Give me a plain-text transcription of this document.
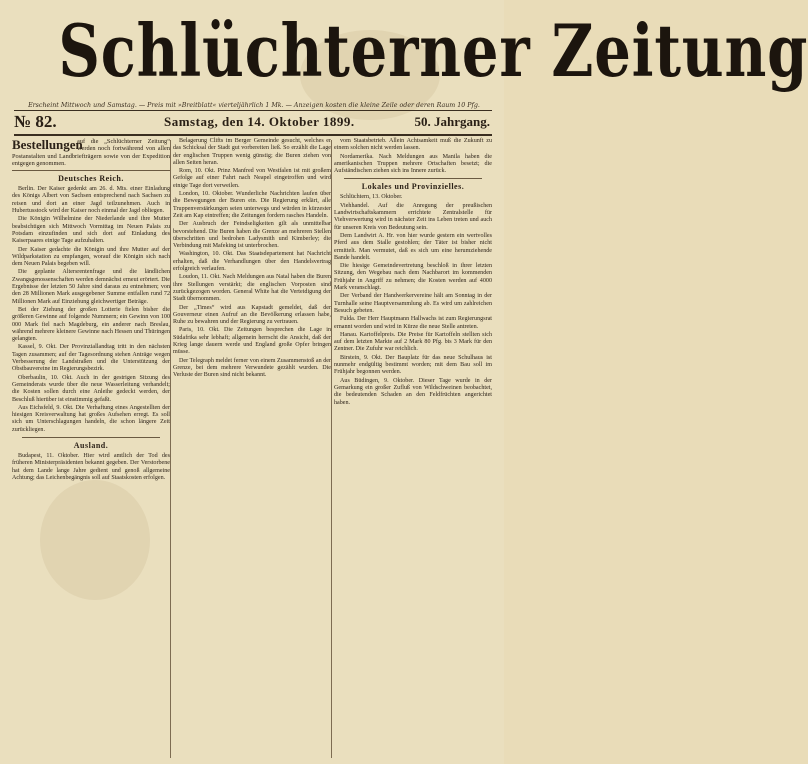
Schlüchterner Zeitung
Erscheint Mittwoch und Samstag. — Preis mit »Breitblatt« vierteljährlich 1 Mk. — Anzeigen kosten die kleine Zeile oder deren Raum 10 Pfg.
№ 82.	Samstag, den 14. Oktober 1899.	50. Jahrgang.
Bestellungen
auf die „Schlüchterner Zeitung“ werden noch fortwährend von allen Postanstalten und Landbriefträgern sowie von der Expedition entgegen genommen.
Deutsches Reich.

Berlin. Der Kaiser gedenkt am 26. d. Mts. einer Einladung des Königs Albert von Sachsen entsprechend nach Sachsen zu reisen und dort an einer Jagd teilzunehmen. Auch in Hubertusstock wird der Kaiser noch einmal der Jagd obliegen.

Die Königin Wilhelmine der Niederlande und ihre Mutter beabsichtigen sich Mittwoch Vormittag im Neuen Palais zu Potsdam einzufinden und sich dort auf Einladung des Kaiserpaares einige Tage aufzuhalten.

Der Kaiser gedachte die Königin und ihre Mutter auf der Wildparkstation zu empfangen, worauf die Königin sich nach dem Neuen Palais begeben will.

Die geplante Altersrentenfrage und die ländlichen Zwangsgenossenschaften werden demnächst erneut erörtert. Die Ergebnisse der letzten 50 Jahre sind daraus zu entnehmen; von den 28 Millionen Mark ausgegebener Summe entfallen rund 72 Millionen Mark auf Einziehung gleichwertiger Beträge.

Bei der Ziehung der großen Lotterie fielen bisher die größeren Gewinne auf folgende Nummern; ein Gewinn von 100 000 Mark fiel nach Magdeburg, ein anderer nach Breslau, während mehrere kleinere Gewinne nach Hessen und Thüringen gelangten.

Kassel, 9. Okt. Der Provinziallandtag tritt in den nächsten Tagen zusammen; auf der Tagesordnung stehen Anträge wegen Verbesserung der Landstraßen und die Unterstützung der Obstbauvereine im Regierungsbezirk.

Oberbaulin, 10. Okt. Auch in der gestrigen Sitzung des Gemeinderats wurde über die neue Wasserleitung verhandelt; die Kosten sollen durch eine Anleihe gedeckt werden, der Beschluß hierüber ist einstimmig gefaßt.

Aus Eichsfeld, 9. Okt. Die Verhaftung eines Angestellten der hiesigen Kreisverwaltung hat großes Aufsehen erregt. Es soll sich um Unterschlagungen handeln, die schon längere Zeit zurückliegen.

Ausland.

Budapest, 11. Oktober. Hier wird amtlich der Tod des früheren Ministerpräsidenten bekannt gegeben. Der Verstorbene hat dem Lande lange Jahre gedient und genoß allgemeine Achtung; das Leichenbegängnis soll auf Staatskosten erfolgen.

Belagerung Clifts im Berger Gemeinde gesucht, welches er das Schicksal der Stadt gut vorbereiten ließ. So erzählt die Lage der englischen Truppen wenig günstig; die Buren ziehen von allen Seiten heran.

Rom, 10. Okt. Prinz Manfred von Westfalen ist mit großem Gefolge auf einer Fahrt nach Neapel eingetroffen und wird einige Tage dort verweilen.

London, 10. Oktober. Wunderliche Nachrichten laufen über die Bewegungen der Buren ein. Die Regierung erklärt, alle Truppenverstärkungen seien unterwegs und würden in kürzester Zeit am Kap eintreffen; die Zeitungen fordern rasches Handeln.

Der Ausbruch der Feindseligkeiten gilt als unmittelbar bevorstehend. Die Buren haben die Grenze an mehreren Stellen überschritten und bedrohen Ladysmith und Kimberley; die Verbindung mit Mafeking ist unterbrochen.

Washington, 10. Okt. Das Staatsdepartement hat Nachricht erhalten, daß die Verhandlungen über den Handelsvertrag erfolgreich verlaufen.

Loudon, 11. Okt. Nach Meldungen aus Natal haben die Buren ihre Stellungen verstärkt; die englischen Vorposten sind zurückgezogen worden. General White hat die Verteidigung der Stadt übernommen.

Der „Times“ wird aus Kapstadt gemeldet, daß der Gouverneur einen Aufruf an die Bevölkerung erlassen habe, Ruhe zu bewahren und der Regierung zu vertrauen.

Paris, 10. Okt. Die Zeitungen besprechen die Lage in Südafrika sehr lebhaft; allgemein herrscht die Ansicht, daß der Krieg lange dauern werde und England große Opfer bringen müsse.

Der Telegraph meldet ferner von einem Zusammenstoß an der Grenze, bei dem mehrere Verwundete gezählt wurden. Die Verluste der Buren sind nicht bekannt.

vom Staatsbetrieb. Allein Achtsamkeit muß die Zukunft zu einem solchen nicht werden lassen.

Nordamerika. Nach Meldungen aus Manila haben die amerikanischen Truppen mehrere Ortschaften besetzt; die Aufständischen ziehen sich ins Innere zurück.

Lokales und Provinzielles.

Schlüchtern, 13. Oktober.

Viehhandel. Auf die Anregung der preußischen Landwirtschaftskammern errichtete Zentralstelle für Viehverwertung wird in nächster Zeit ins Leben treten und auch für unseren Kreis von Bedeutung sein.

Dem Landwirt A. Hr. von hier wurde gestern ein wertvolles Pferd aus dem Stalle gestohlen; der Täter ist bisher nicht ermittelt. Man vermutet, daß es sich um eine herumziehende Bande handelt.

Die hiesige Gemeindevertretung beschloß in ihrer letzten Sitzung, den Wegebau nach dem Nachbarort im kommenden Frühjahr in Angriff zu nehmen; die Kosten werden auf 4000 Mark veranschlagt.

Der Verband der Handwerkervereine hält am Sonntag in der Turnhalle seine Hauptversammlung ab. Es wird um zahlreichen Besuch gebeten.

Fulda. Der Herr Hauptmann Hallwachs ist zum Regierungsrat ernannt worden und wird in Kürze die neue Stelle antreten.

Hanau. Kartoffelpreis. Die Preise für Kartoffeln stellten sich auf dem letzten Markte auf 2 Mark 80 Pfg. bis 3 Mark für den Zentner. Die Zufuhr war reichlich.

Birstein, 9. Okt. Der Bauplatz für das neue Schulhaus ist nunmehr endgültig bestimmt worden; mit dem Bau soll im Frühjahr begonnen werden.

Aus Büdingen, 9. Oktober. Dieser Tage wurde in der Gemarkung ein großer Zufluß von Wildschweinen beobachtet, die bedeutenden Schaden an den Feldfrüchten angerichtet haben.
